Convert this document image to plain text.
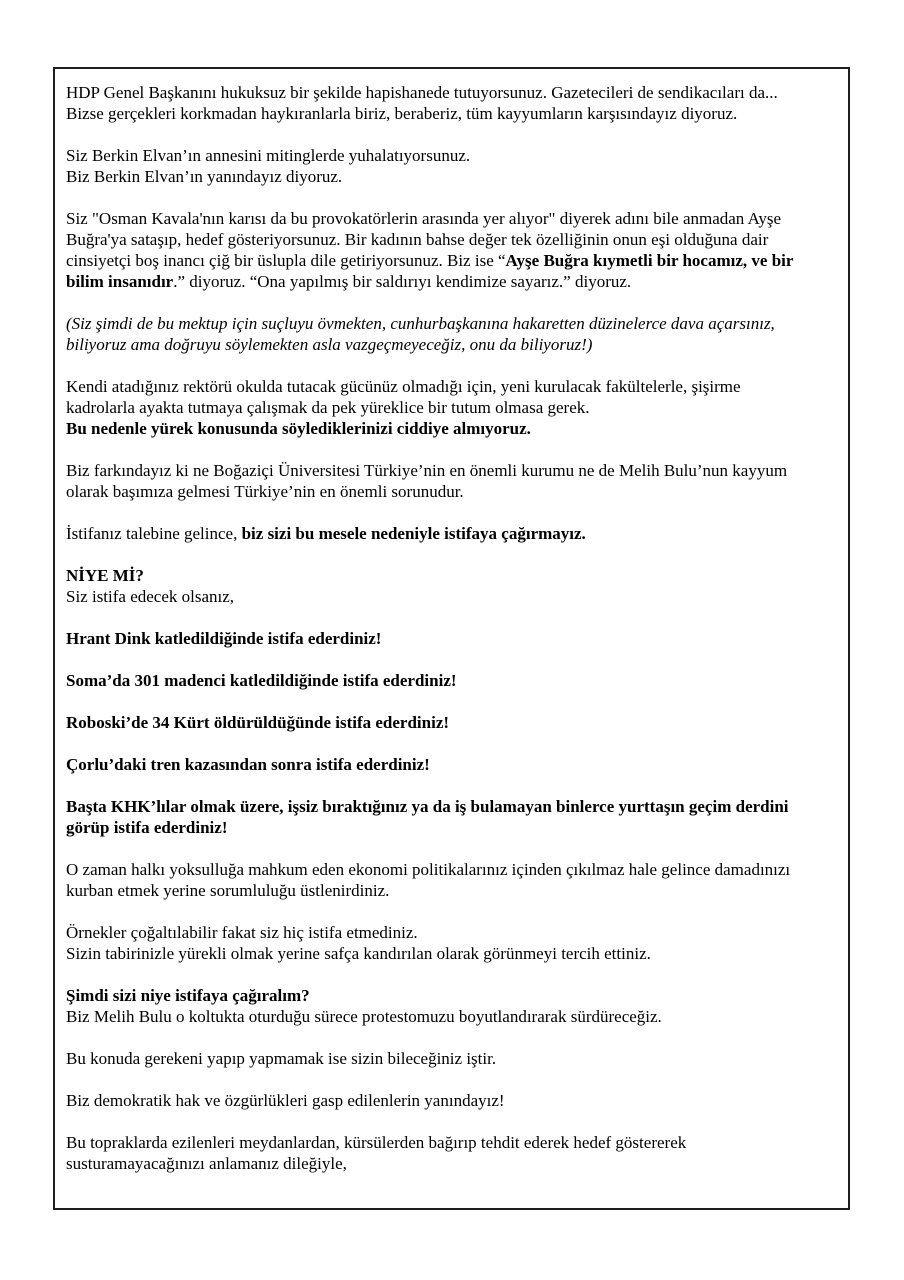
HDP Genel Başkanını hukuksuz bir şekilde hapishanede tutuyorsunuz. Gazetecileri de sendikacıları da...
Bizse gerçekleri korkmadan haykıranlarla biriz, beraberiz, tüm kayyumların karşısındayız diyoruz.

Siz Berkin Elvan’ın annesini mitinglerde yuhalatıyorsunuz.
Biz Berkin Elvan’ın yanındayız diyoruz.

Siz "Osman Kavala'nın karısı da bu provokatörlerin arasında yer alıyor" diyerek adını bile anmadan Ayşe
Buğra'ya sataşıp, hedef gösteriyorsunuz. Bir kadının bahse değer tek özelliğinin onun eşi olduğuna dair
cinsiyetçi boş inancı çiğ bir üslupla dile getiriyorsunuz. Biz ise “Ayşe Buğra kıymetli bir hocamız, ve bir
bilim insanıdır.” diyoruz. “Ona yapılmış bir saldırıyı kendimize sayarız.” diyoruz.

(Siz şimdi de bu mektup için suçluyu övmekten, cunhurbaşkanına hakaretten düzinelerce dava açarsınız,
biliyoruz ama doğruyu söylemekten asla vazgeçmeyeceğiz, onu da biliyoruz!)

Kendi atadığınız rektörü okulda tutacak gücünüz olmadığı için, yeni kurulacak fakültelerle, şişirme
kadrolarla ayakta tutmaya çalışmak da pek yüreklice bir tutum olmasa gerek.
Bu nedenle yürek konusunda söylediklerinizi ciddiye almıyoruz.

Biz farkındayız ki ne Boğaziçi Üniversitesi Türkiye’nin en önemli kurumu ne de Melih Bulu’nun kayyum
olarak başımıza gelmesi Türkiye’nin en önemli sorunudur.

İstifanız talebine gelince, biz sizi bu mesele nedeniyle istifaya çağırmayız.

NİYE Mİ?
Siz istifa edecek olsanız,

Hrant Dink katledildiğinde istifa ederdiniz!

Soma’da 301 madenci katledildiğinde istifa ederdiniz!

Roboski’de 34 Kürt öldürüldüğünde istifa ederdiniz!

Çorlu’daki tren kazasından sonra istifa ederdiniz!

Başta KHK’lılar olmak üzere, işsiz bıraktığınız ya da iş bulamayan binlerce yurttaşın geçim derdini
görüp istifa ederdiniz!

O zaman halkı yoksulluğa mahkum eden ekonomi politikalarınız içinden çıkılmaz hale gelince damadınızı
kurban etmek yerine sorumluluğu üstlenirdiniz.

Örnekler çoğaltılabilir fakat siz hiç istifa etmediniz.
Sizin tabirinizle yürekli olmak yerine safça kandırılan olarak görünmeyi tercih ettiniz.

Şimdi sizi niye istifaya çağıralım?
Biz Melih Bulu o koltukta oturduğu sürece protestomuzu boyutlandırarak sürdüreceğiz.

Bu konuda gerekeni yapıp yapmamak ise sizin bileceğiniz iştir.

Biz demokratik hak ve özgürlükleri gasp edilenlerin yanındayız!

Bu topraklarda ezilenleri meydanlardan, kürsülerden bağırıp tehdit ederek hedef göstererek
susturamayacağınızı anlamanız dileğiyle,
